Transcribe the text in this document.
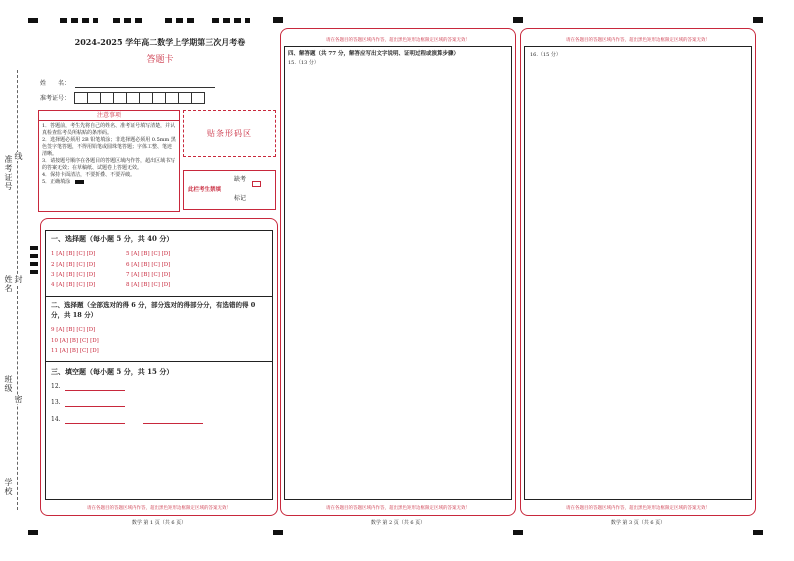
准考证号
姓名
班级
学校
线
封
密
2024-2025 学年高二数学上学期第三次月考卷
答题卡
姓　　名：
准考证号：
注意事项
1．答题前，考生先将自己的姓名、准考证号填写清楚，并认真检查监考员所粘贴的条形码。
2．选择题必须用 2B 铅笔填涂；非选择题必须用 0.5mm 黑色签字笔答题，不得用铅笔或圆珠笔答题；字体工整、笔迹清晰。
3．请按题号顺序在各题目的答题区域内作答，超出区域书写的答案无效；在草稿纸、试题卷上答题无效。
4．保持卡面清洁，不要折叠、不要弄破。
5．正确填涂
贴条形码区
此栏考生禁填
缺考
标记
一、选择题（每小题 5 分，共 40 分）
1 [A] [B] [C] [D]
2 [A] [B] [C] [D]
3 [A] [B] [C] [D]
4 [A] [B] [C] [D]
5 [A] [B] [C] [D]
6 [A] [B] [C] [D]
7 [A] [B] [C] [D]
8 [A] [B] [C] [D]
二、选择题（全部选对的得 6 分，部分选对的得部分分，有选错的得 0
分，共 18 分）
9 [A] [B] [C] [D]
10 [A] [B] [C] [D]
11 [A] [B] [C] [D]
三、填空题（每小题 5 分，共 15 分）
12.
13.
14.
请在各题目的答题区域内作答，超出黑色矩形边框限定区域的答案无效！
数学 第 1 页（共 6 页）
请在各题目的答题区域内作答，超出黑色矩形边框限定区域的答案无效！
四、解答题（共 77 分，解答应写出文字说明、证明过程或演算步骤）
15.（13 分）
请在各题目的答题区域内作答，超出黑色矩形边框限定区域的答案无效！
数学 第 2 页（共 6 页）
请在各题目的答题区域内作答，超出黑色矩形边框限定区域的答案无效！
16.（15 分）
请在各题目的答题区域内作答，超出黑色矩形边框限定区域的答案无效！
数学 第 3 页（共 6 页）
